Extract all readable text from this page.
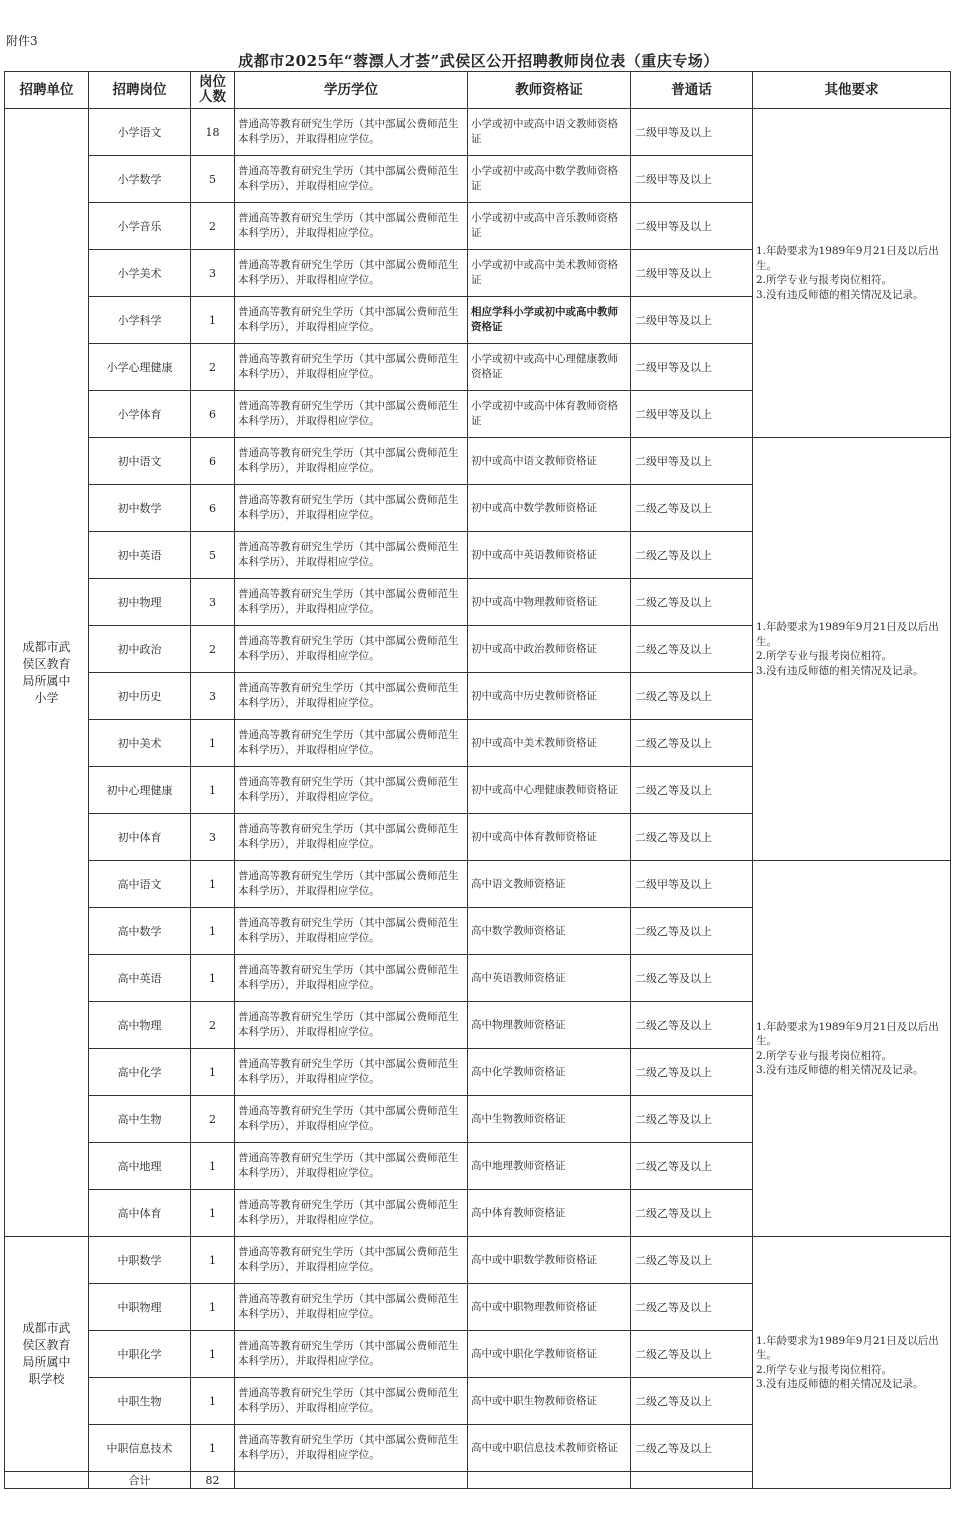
附件3
成都市2025年“蓉漂人才荟”武侯区公开招聘教师岗位表（重庆专场）
招聘单位	招聘岗位	岗位人数	学历学位	教师资格证	普通话	其他要求	
成都市武侯区教育局所属中小学	小学语文	18	普通高等教育研究生学历（其中部属公费师范生本科学历），并取得相应学位。	小学或初中或高中语文教师资格证	二级甲等及以上	1.年龄要求为1989年9月21日及以后出生。
2.所学专业与报考岗位相符。
3.没有违反师德的相关情况及记录。	

	小学数学	5	普通高等教育研究生学历（其中部属公费师范生本科学历），并取得相应学位。	小学或初中或高中数学教师资格证	二级甲等及以上		
	小学音乐	2	普通高等教育研究生学历（其中部属公费师范生本科学历），并取得相应学位。	小学或初中或高中音乐教师资格证	二级甲等及以上		
	小学美术	3	普通高等教育研究生学历（其中部属公费师范生本科学历），并取得相应学位。	小学或初中或高中美术教师资格证	二级甲等及以上		
	小学科学	1	普通高等教育研究生学历（其中部属公费师范生本科学历），并取得相应学位。	相应学科小学或初中或高中教师资格证	二级甲等及以上		
	小学心理健康	2	普通高等教育研究生学历（其中部属公费师范生本科学历），并取得相应学位。	小学或初中或高中心理健康教师资格证	二级甲等及以上		
	小学体育	6	普通高等教育研究生学历（其中部属公费师范生本科学历），并取得相应学位。	小学或初中或高中体育教师资格证	二级甲等及以上		
	初中语文	6	普通高等教育研究生学历（其中部属公费师范生本科学历），并取得相应学位。	初中或高中语文教师资格证	二级甲等及以上	1.年龄要求为1989年9月21日及以后出生。
2.所学专业与报考岗位相符。
3.没有违反师德的相关情况及记录。	

	初中数学	6	普通高等教育研究生学历（其中部属公费师范生本科学历），并取得相应学位。	初中或高中数学教师资格证	二级乙等及以上		
	初中英语	5	普通高等教育研究生学历（其中部属公费师范生本科学历），并取得相应学位。	初中或高中英语教师资格证	二级乙等及以上		
	初中物理	3	普通高等教育研究生学历（其中部属公费师范生本科学历），并取得相应学位。	初中或高中物理教师资格证	二级乙等及以上		
	初中政治	2	普通高等教育研究生学历（其中部属公费师范生本科学历），并取得相应学位。	初中或高中政治教师资格证	二级乙等及以上		
	初中历史	3	普通高等教育研究生学历（其中部属公费师范生本科学历），并取得相应学位。	初中或高中历史教师资格证	二级乙等及以上		
	初中美术	1	普通高等教育研究生学历（其中部属公费师范生本科学历），并取得相应学位。	初中或高中美术教师资格证	二级乙等及以上		
	初中心理健康	1	普通高等教育研究生学历（其中部属公费师范生本科学历），并取得相应学位。	初中或高中心理健康教师资格证	二级乙等及以上		
	初中体育	3	普通高等教育研究生学历（其中部属公费师范生本科学历），并取得相应学位。	初中或高中体育教师资格证	二级乙等及以上		
	高中语文	1	普通高等教育研究生学历（其中部属公费师范生本科学历），并取得相应学位。	高中语文教师资格证	二级甲等及以上	1.年龄要求为1989年9月21日及以后出生。
2.所学专业与报考岗位相符。
3.没有违反师德的相关情况及记录。	

	高中数学	1	普通高等教育研究生学历（其中部属公费师范生本科学历），并取得相应学位。	高中数学教师资格证	二级乙等及以上		
	高中英语	1	普通高等教育研究生学历（其中部属公费师范生本科学历），并取得相应学位。	高中英语教师资格证	二级乙等及以上		
	高中物理	2	普通高等教育研究生学历（其中部属公费师范生本科学历），并取得相应学位。	高中物理教师资格证	二级乙等及以上		
	高中化学	1	普通高等教育研究生学历（其中部属公费师范生本科学历），并取得相应学位。	高中化学教师资格证	二级乙等及以上		
	高中生物	2	普通高等教育研究生学历（其中部属公费师范生本科学历），并取得相应学位。	高中生物教师资格证	二级乙等及以上		
	高中地理	1	普通高等教育研究生学历（其中部属公费师范生本科学历），并取得相应学位。	高中地理教师资格证	二级乙等及以上		
	高中体育	1	普通高等教育研究生学历（其中部属公费师范生本科学历），并取得相应学位。	高中体育教师资格证	二级乙等及以上		
成都市武侯区教育局所属中职学校	中职数学	1	普通高等教育研究生学历（其中部属公费师范生本科学历），并取得相应学位。	高中或中职数学教师资格证	二级乙等及以上	1.年龄要求为1989年9月21日及以后出生。
2.所学专业与报考岗位相符。
3.没有违反师德的相关情况及记录。	

	中职物理	1	普通高等教育研究生学历（其中部属公费师范生本科学历），并取得相应学位。	高中或中职物理教师资格证	二级乙等及以上		
	中职化学	1	普通高等教育研究生学历（其中部属公费师范生本科学历），并取得相应学位。	高中或中职化学教师资格证	二级乙等及以上		
	中职生物	1	普通高等教育研究生学历（其中部属公费师范生本科学历），并取得相应学位。	高中或中职生物教师资格证	二级乙等及以上		
	中职信息技术	1	普通高等教育研究生学历（其中部属公费师范生本科学历），并取得相应学位。	高中或中职信息技术教师资格证	二级乙等及以上		
	合计	82					
